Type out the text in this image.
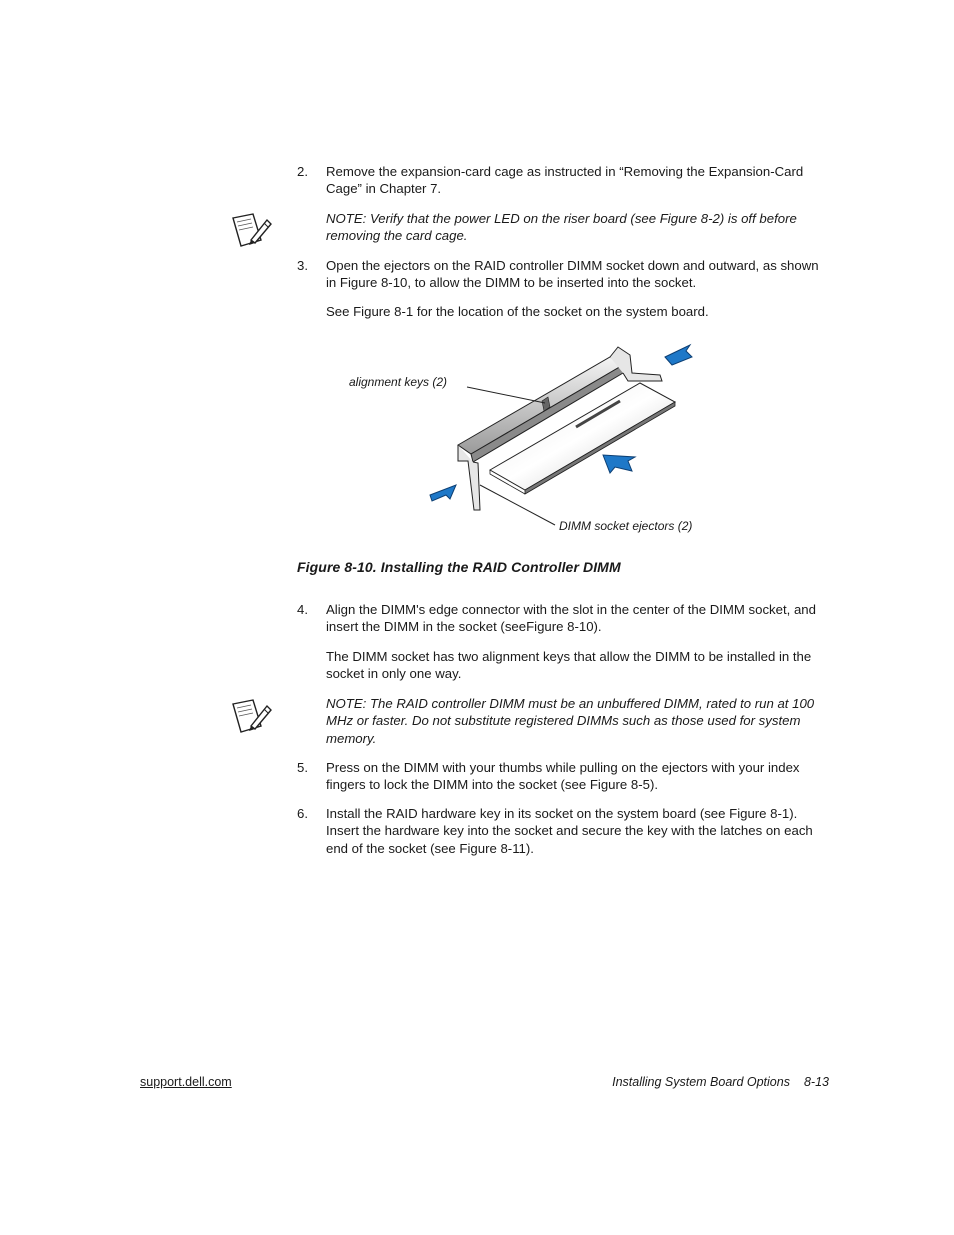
2.	Remove the expansion-card cage as instructed in “Removing the Expansion-Card Cage” in Chapter 7.
NOTE: Verify that the power LED on the riser board (see Figure 8-2) is off before removing the card cage.
3.	Open the ejectors on the RAID controller DIMM socket down and outward, as shown in Figure 8-10, to allow the DIMM to be inserted into the socket.
See Figure 8-1 for the location of the socket on the system board.
alignment keys (2)
DIMM socket ejectors (2)
Figure 8-10. Installing the RAID Controller DIMM
4.	Align the DIMM's edge connector with the slot in the center of the DIMM socket, and insert the DIMM in the socket (seeFigure 8-10).
The DIMM socket has two alignment keys that allow the DIMM to be installed in the socket in only one way.
NOTE: The RAID controller DIMM must be an unbuffered DIMM, rated to run at 100 MHz or faster. Do not substitute registered DIMMs such as those used for system memory.
5.	Press on the DIMM with your thumbs while pulling on the ejectors with your index fingers to lock the DIMM into the socket (see Figure 8-5).
6.	Install the RAID hardware key in its socket on the system board (see Figure 8-1). Insert the hardware key into the socket and secure the key with the latches on each end of the socket (see Figure 8-11).
support.dell.com	Installing System Board Options 8-13
